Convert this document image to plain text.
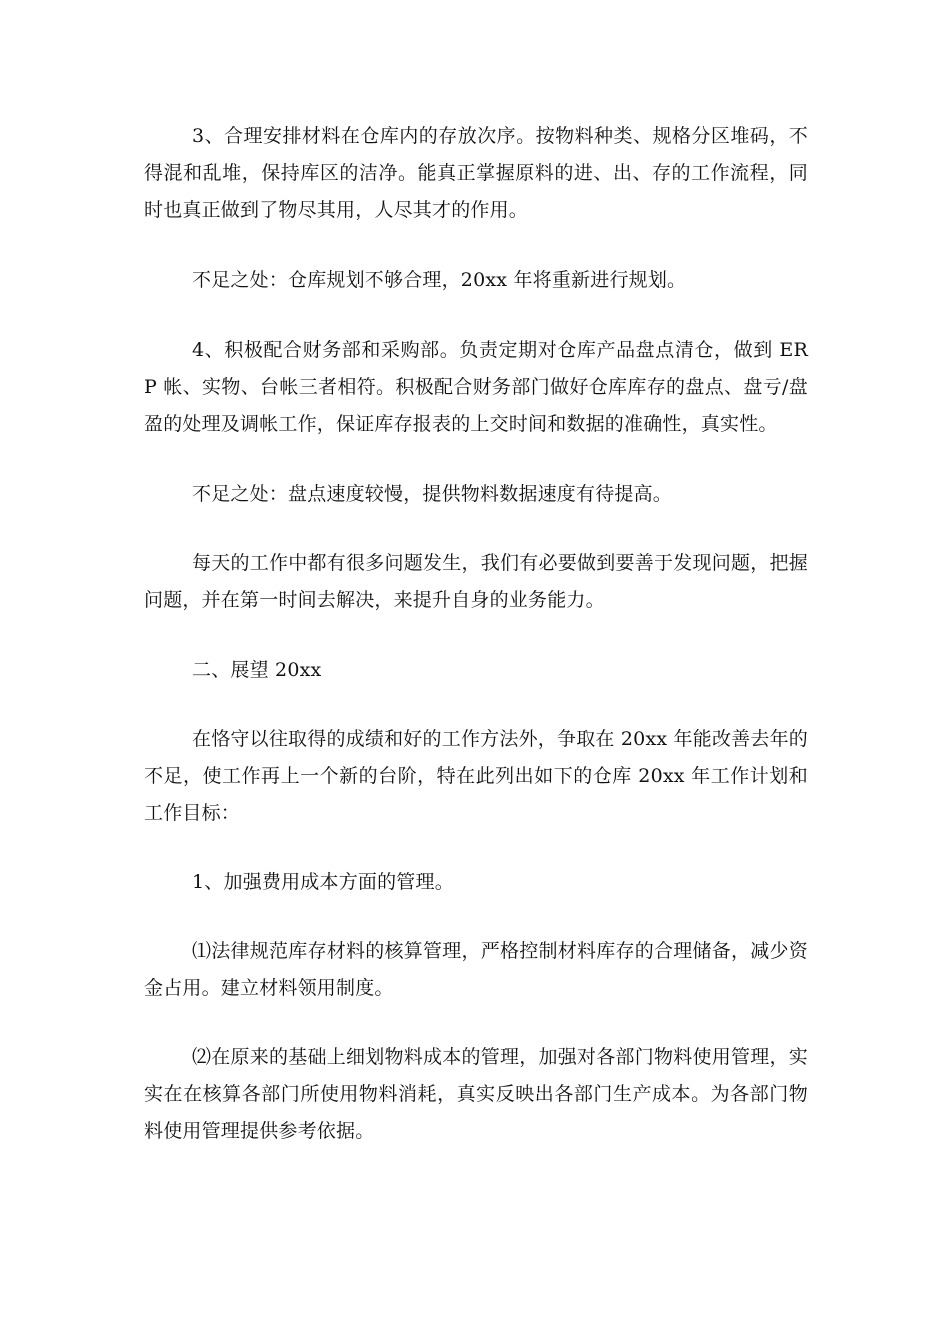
3、合理安排材料在仓库内的存放次序。按物料种类、规格分区堆码，不得混和乱堆，保持库区的洁净。能真正掌握原料的进、出、存的工作流程，同时也真正做到了物尽其用，人尽其才的作用。

不足之处：仓库规划不够合理，20xx 年将重新进行规划。

4、积极配合财务部和采购部。负责定期对仓库产品盘点清仓，做到 ERP 帐、实物、台帐三者相符。积极配合财务部门做好仓库库存的盘点、盘亏/盘盈的处理及调帐工作，保证库存报表的上交时间和数据的准确性，真实性。

不足之处：盘点速度较慢，提供物料数据速度有待提高。

每天的工作中都有很多问题发生，我们有必要做到要善于发现问题，把握问题，并在第一时间去解决，来提升自身的业务能力。

二、展望 20xx

在恪守以往取得的成绩和好的工作方法外，争取在 20xx 年能改善去年的不足，使工作再上一个新的台阶，特在此列出如下的仓库 20xx 年工作计划和工作目标：

1、加强费用成本方面的管理。

⑴法律规范库存材料的核算管理，严格控制材料库存的合理储备，减少资金占用。建立材料领用制度。

⑵在原来的基础上细划物料成本的管理，加强对各部门物料使用管理，实实在在核算各部门所使用物料消耗，真实反映出各部门生产成本。为各部门物料使用管理提供参考依据。
